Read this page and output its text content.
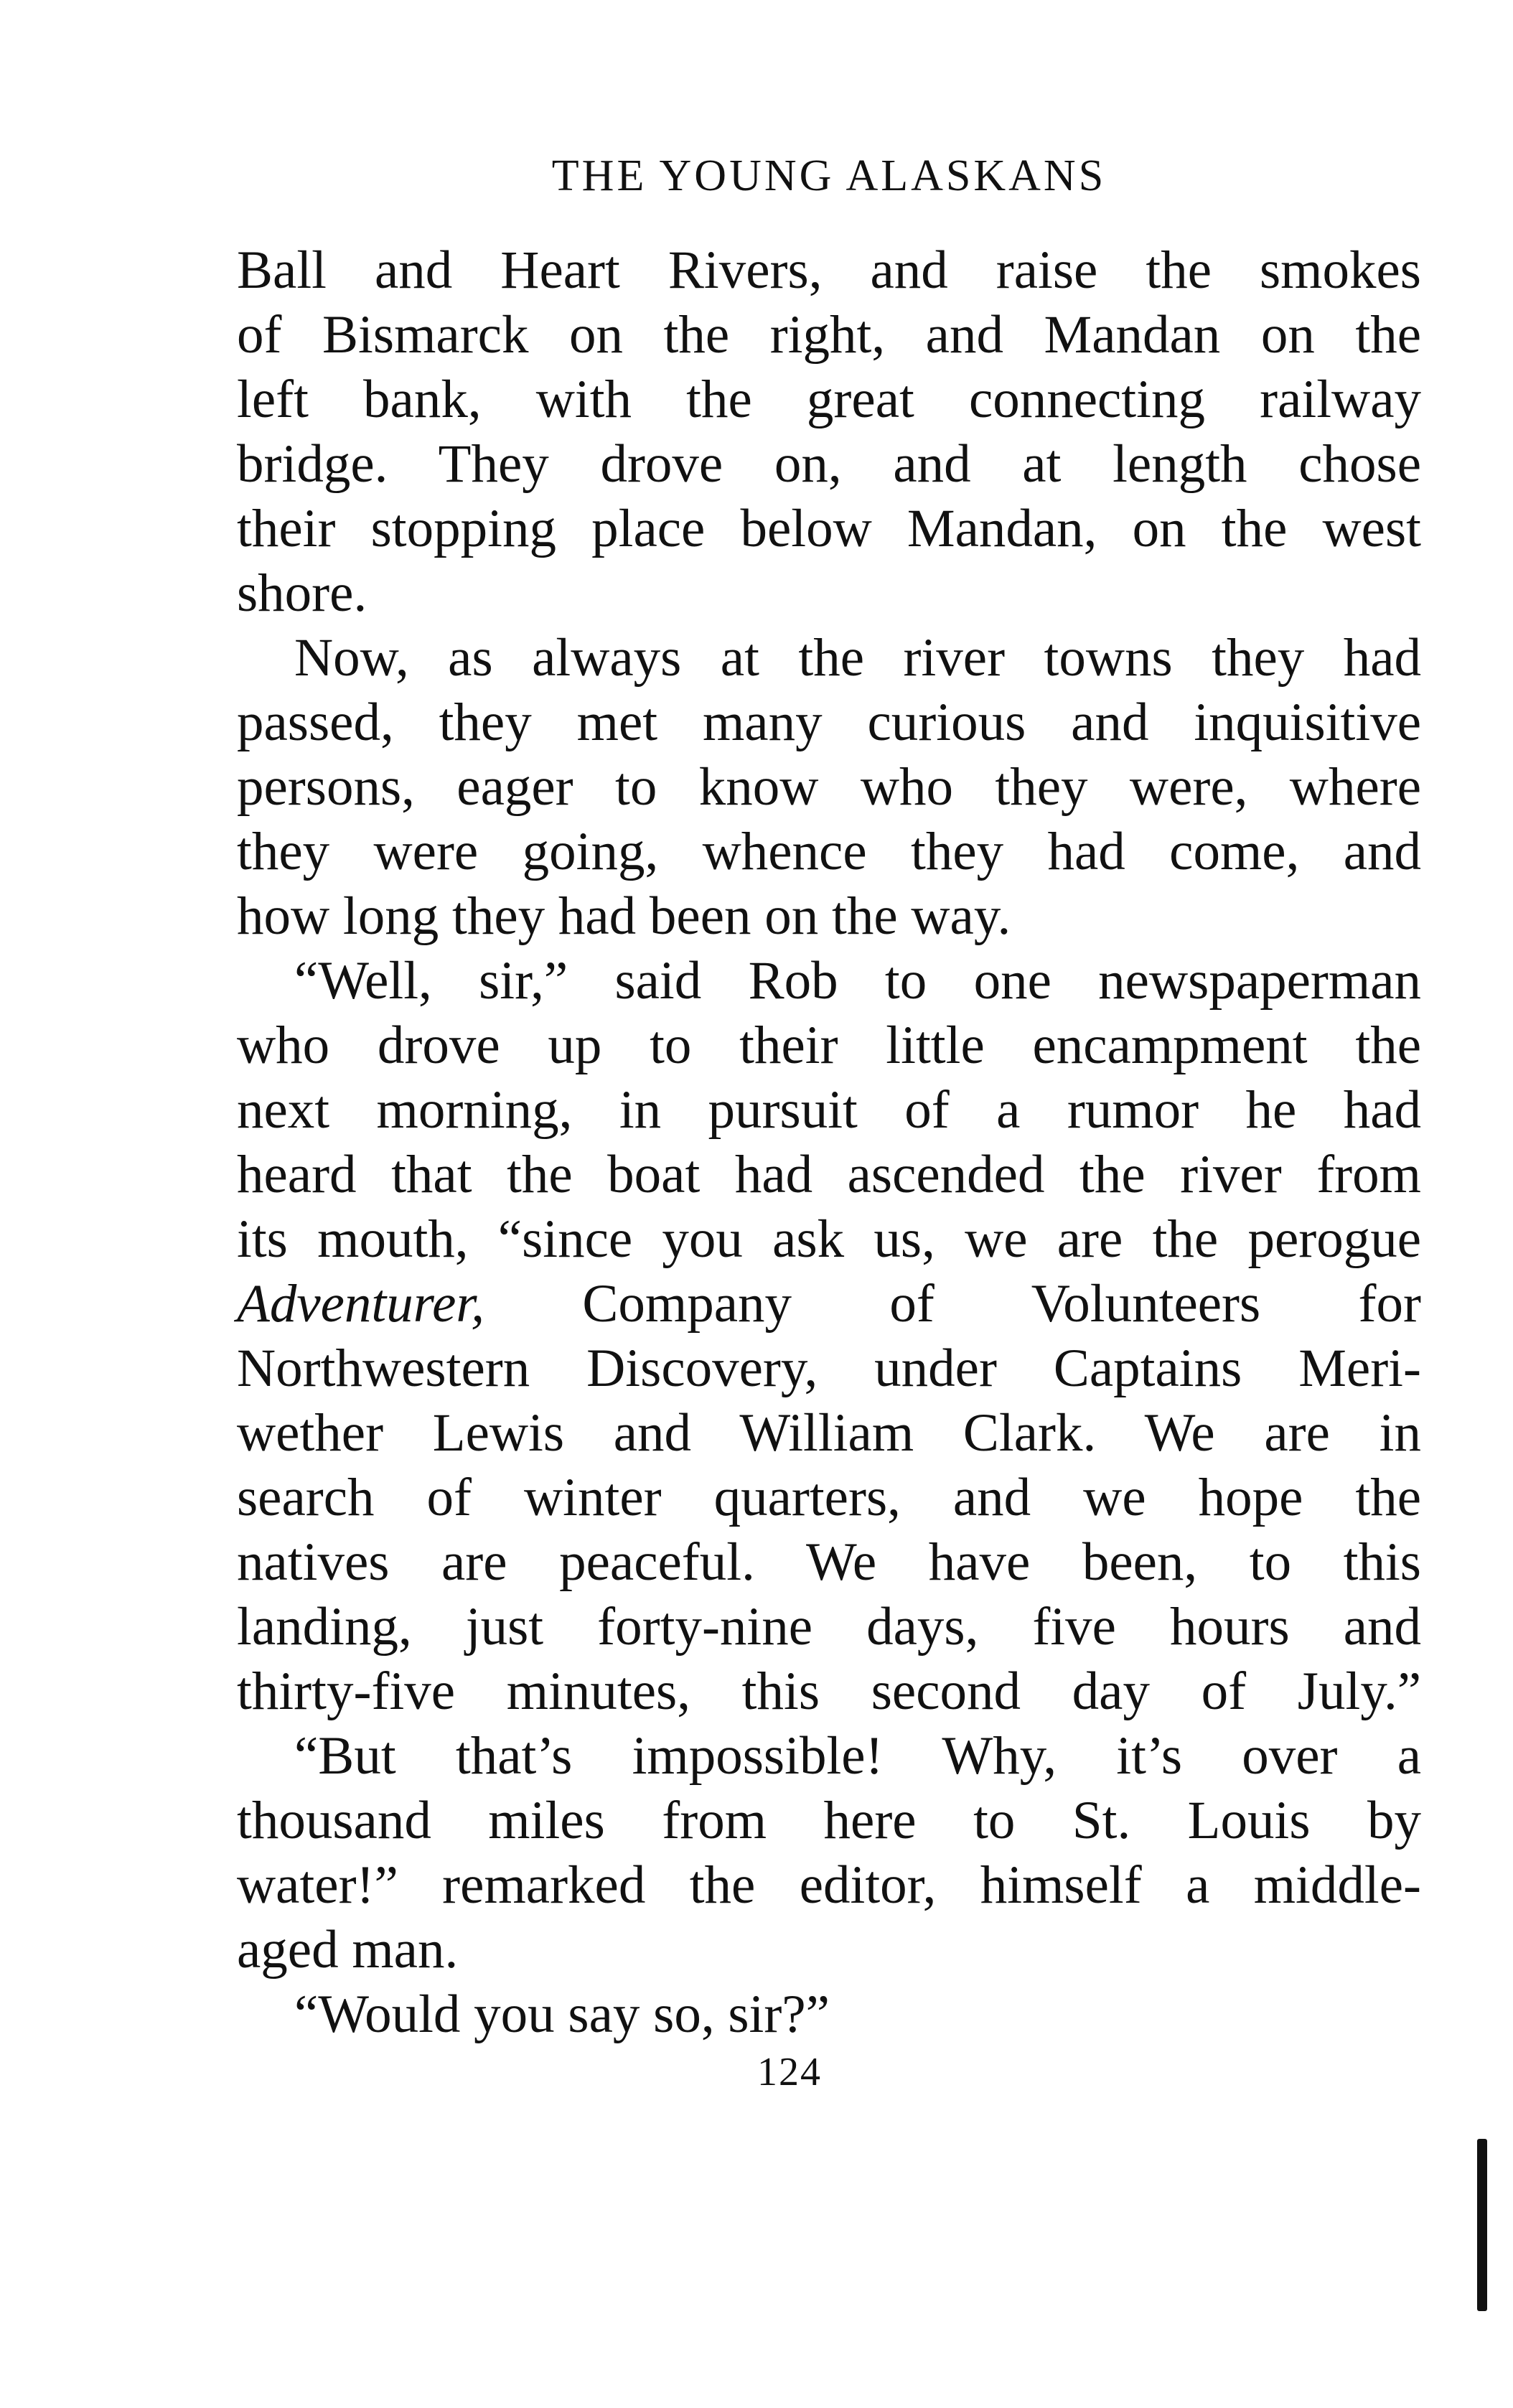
THE YOUNG ALASKANS
Ball and Heart Rivers, and raise the smokes
of Bismarck on the right, and Mandan on the
left bank, with the great connecting railway
bridge. They drove on, and at length chose
their stopping place below Mandan, on the west
shore.
Now, as always at the river towns they had
passed, they met many curious and inquisitive
persons, eager to know who they were, where
they were going, whence they had come, and
how long they had been on the way.
“Well, sir,” said Rob to one newspaperman
who drove up to their little encampment the
next morning, in pursuit of a rumor he had
heard that the boat had ascended the river from
its mouth, “since you ask us, we are the perogue
Adventurer, Company of Volunteers for
Northwestern Discovery, under Captains Meri-
wether Lewis and William Clark. We are in
search of winter quarters, and we hope the
natives are peaceful. We have been, to this
landing, just forty-nine days, five hours and
thirty-five minutes, this second day of July.”
“But that’s impossible! Why, it’s over a
thousand miles from here to St. Louis by
water!” remarked the editor, himself a middle-
aged man.
“Would you say so, sir?”
124
